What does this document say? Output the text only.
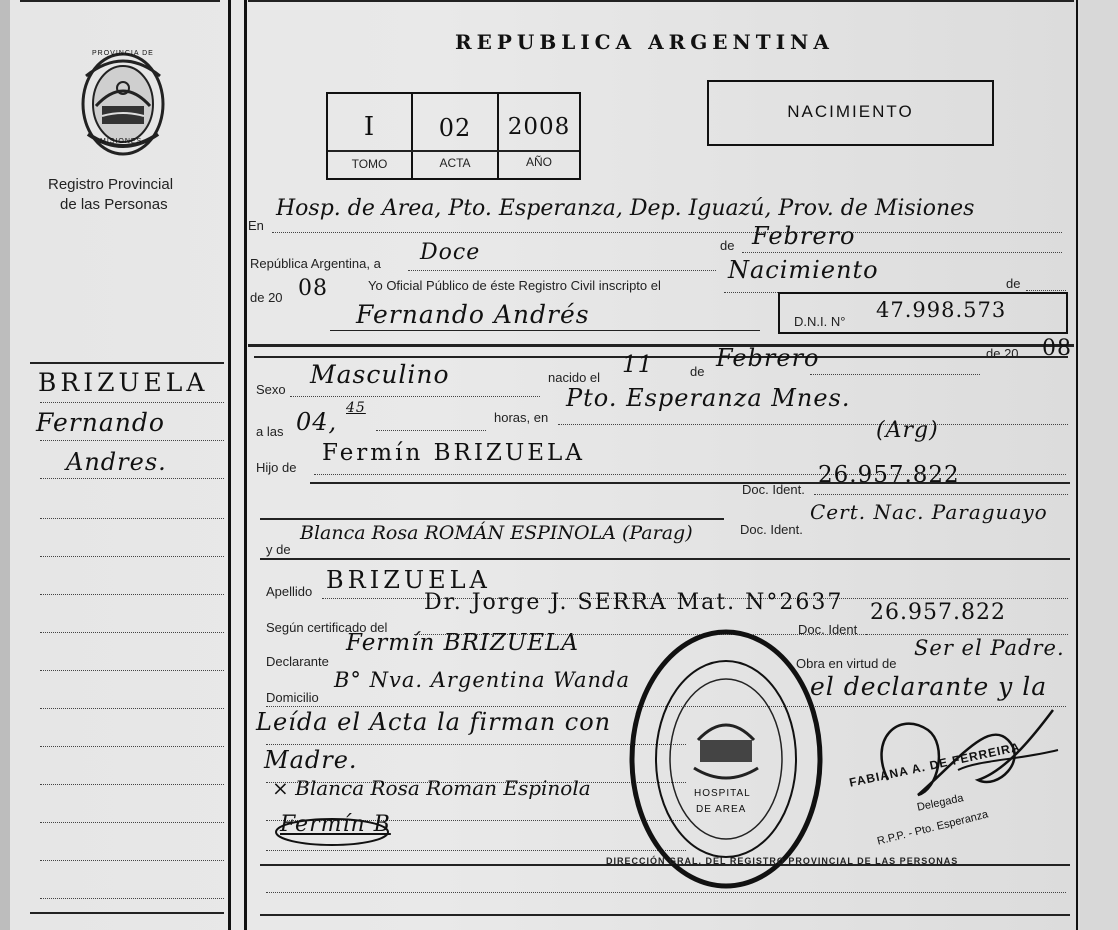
REPUBLICA ARGENTINA
NACIMIENTO
I	02	2008
TOMO	ACTA	AÑO
PROVINCIA DE
MISIONES
Registro Provincial
de las Personas
BRIZUELA
Fernando
Andres.
En
Hosp. de Area, Pto. Esperanza, Dep. Iguazú, Prov. de Misiones
República Argentina, a Doce	de Febrero
de 20 08	Yo Oficial Público de éste Registro Civil inscripto el
Nacimiento	de
Fernando Andrés	D.N.I. N° 47.998.573
Sexo
Masculino	nacido el 11	de Febrero	de 20 08
a las 04, 45
horas, en
Pto. Esperanza Mnes.
Hijo de
Fermín BRIZUELA
(Arg)
Doc. Ident.
26.957.822
y de
Blanca Rosa ROMÁN ESPINOLA (Parag)	Doc. Ident.
Cert. Nac. Paraguayo
Apellido BRIZUELA
Según certificado del
Dr. Jorge J. SERRA Mat. N°2637
Declarante
Fermín BRIZUELA
Doc. Ident
26.957.822
Obra en virtud de
Ser el Padre.
Domicilio
B° Nva. Argentina Wanda	el declarante y la
Leída el Acta la firman con
Madre.
× Blanca Rosa Roman Espinola
Fermín B
DIRECCIÓN GRAL. DEL REGISTRO PROVINCIAL DE LAS PERSONAS
HOSPITAL
DE AREA
FABIANA A. DE FERREIRA
Delegada
R.P.P. - Pto. Esperanza
